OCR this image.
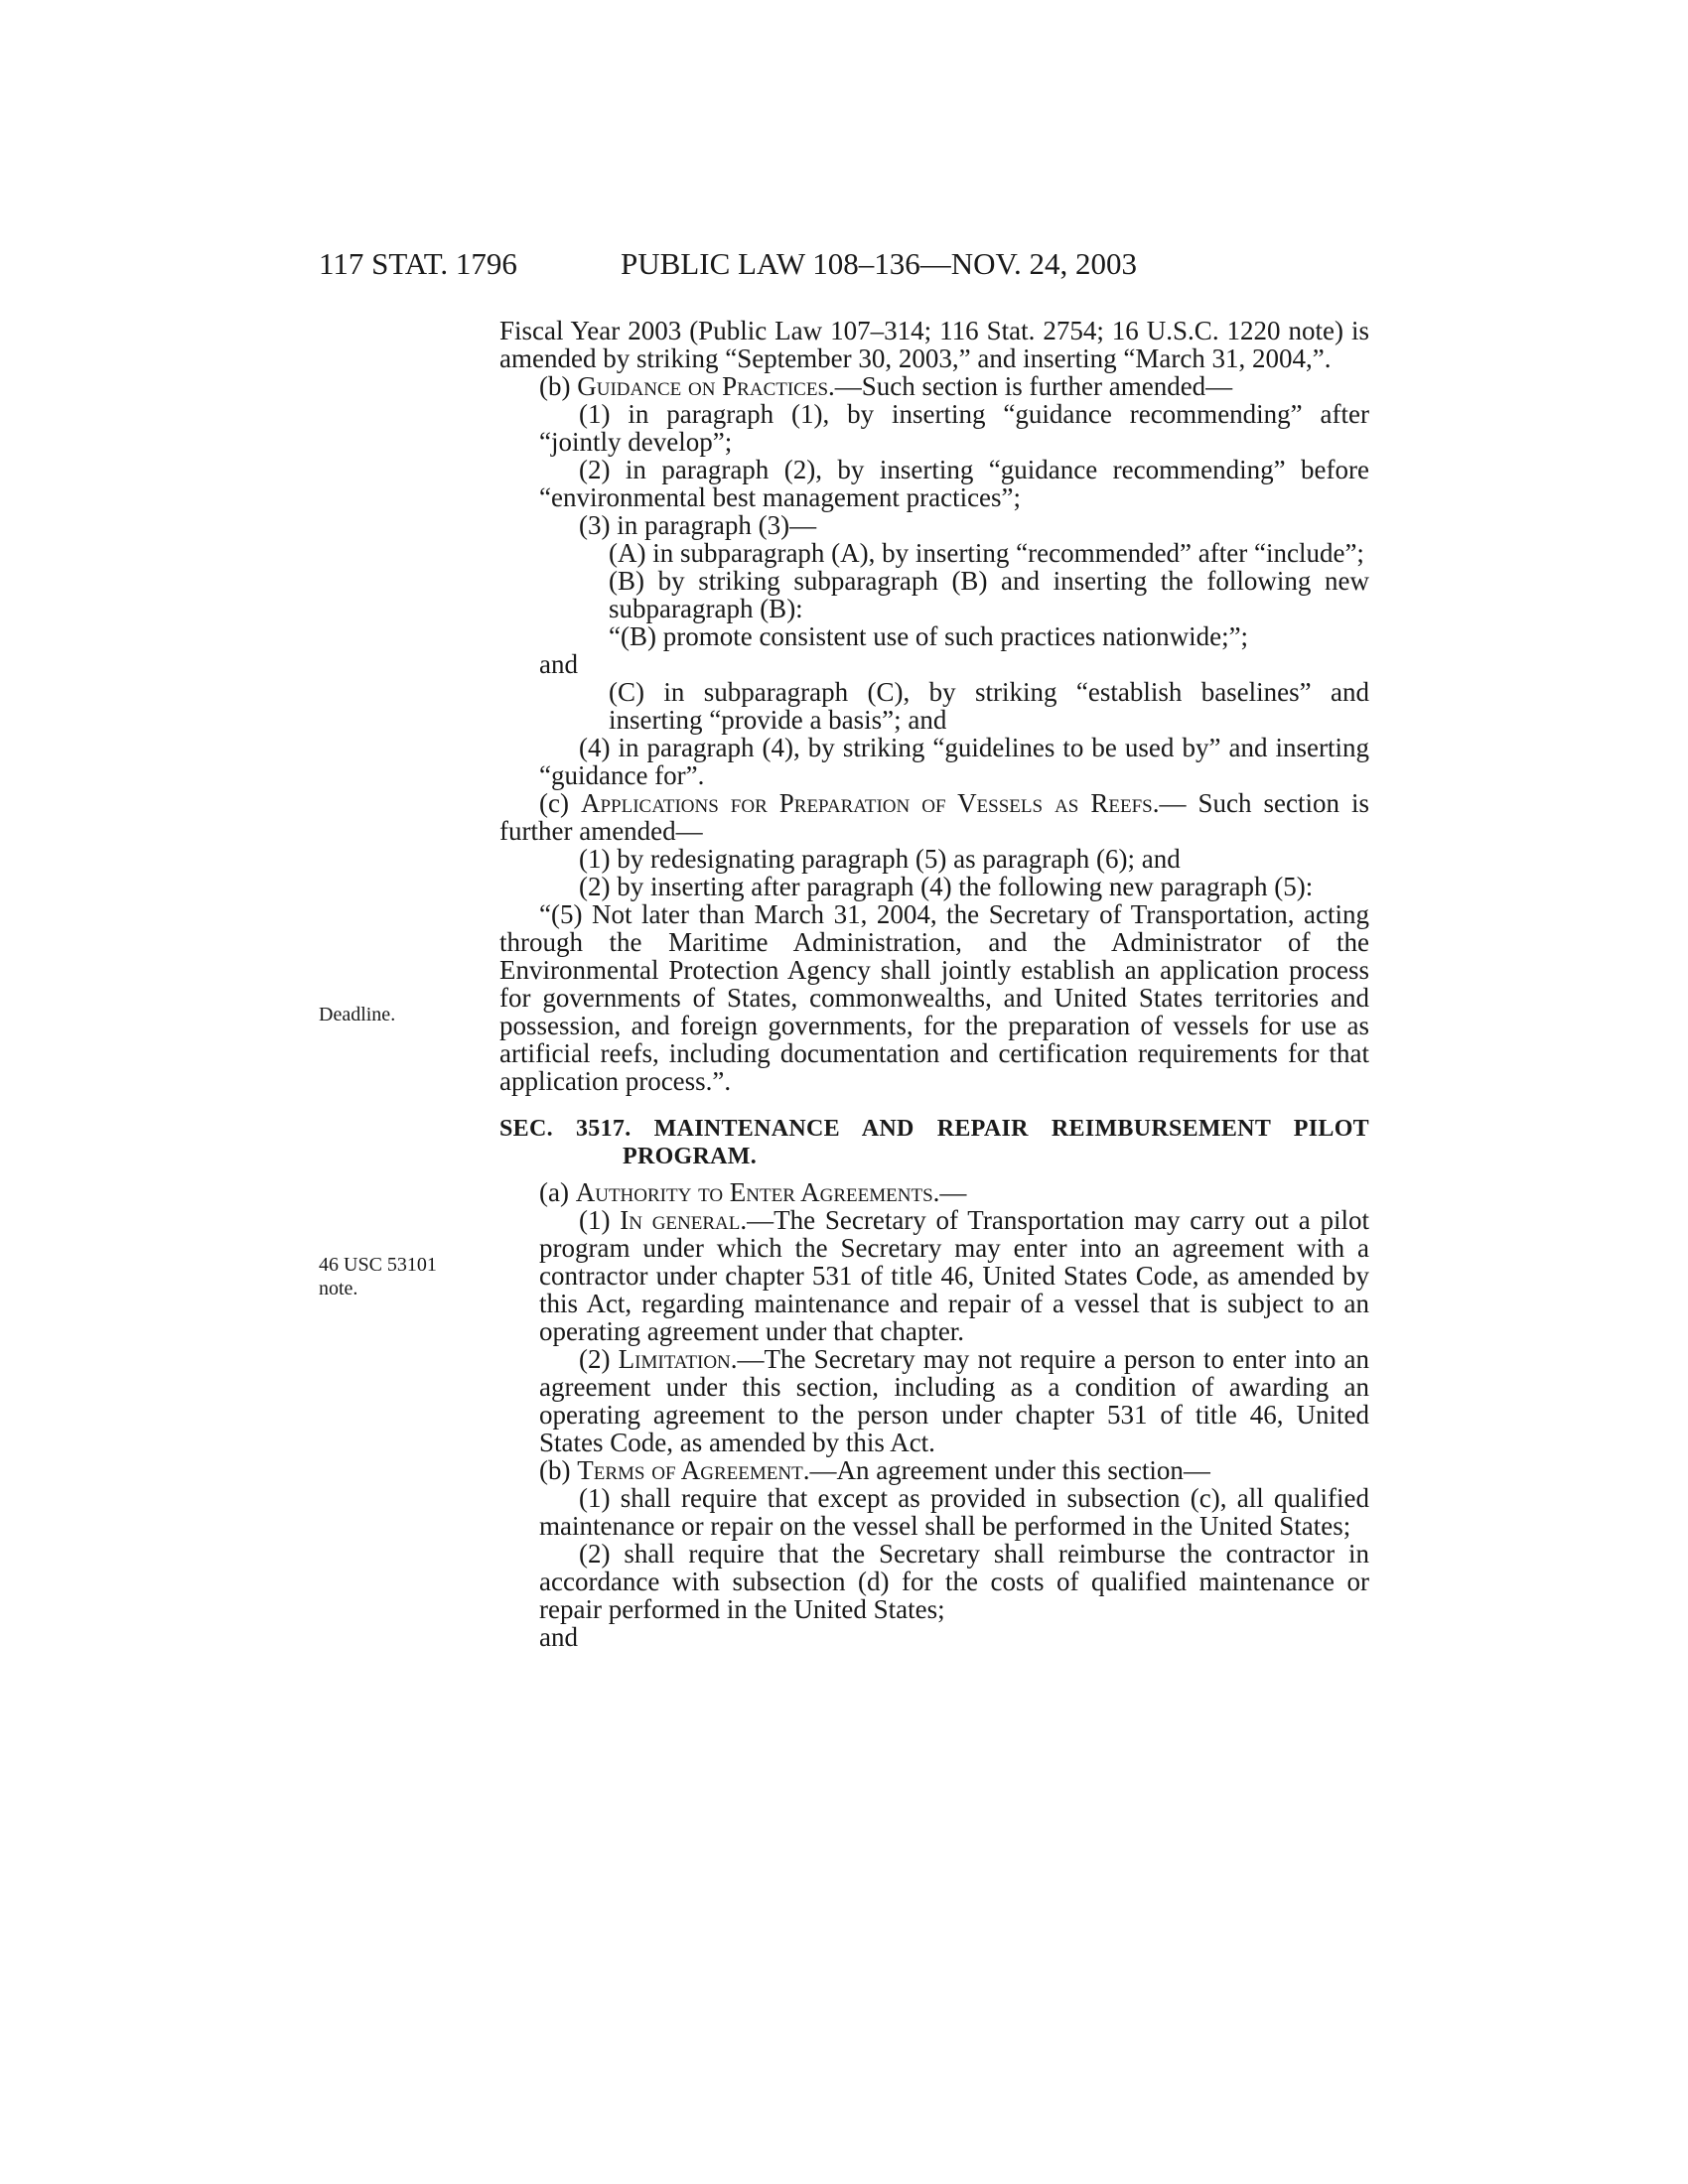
117 STAT. 1796	PUBLIC LAW 108–136—NOV. 24, 2003
Deadline.
46 USC 53101
note.

Fiscal Year 2003 (Public Law 107–314; 116 Stat. 2754; 16 U.S.C. 1220 note) is amended by striking “September 30, 2003,” and inserting “March 31, 2004,”.

(b) Guidance on Practices.—Such section is further amended—

(1) in paragraph (1), by inserting “guidance recommending” after “jointly develop”;

(2) in paragraph (2), by inserting “guidance recommending” before “environmental best management practices”;

(3) in paragraph (3)—

(A) in subparagraph (A), by inserting “recommended” after “include”;

(B) by striking subparagraph (B) and inserting the following new subparagraph (B):

“(B) promote consistent use of such practices nationwide;”;

and

(C) in subparagraph (C), by striking “establish baselines” and inserting “provide a basis”; and

(4) in paragraph (4), by striking “guidelines to be used by” and inserting “guidance for”.

(c) Applications for Preparation of Vessels as Reefs.— Such section is further amended—

(1) by redesignating paragraph (5) as paragraph (6); and

(2) by inserting after paragraph (4) the following new paragraph (5):

“(5) Not later than March 31, 2004, the Secretary of Transportation, acting through the Maritime Administration, and the Administrator of the Environmental Protection Agency shall jointly establish an application process for governments of States, commonwealths, and United States territories and possession, and foreign governments, for the preparation of vessels for use as artificial reefs, including documentation and certification requirements for that application process.”.

SEC. 3517. MAINTENANCE AND REPAIR REIMBURSEMENT PILOT PROGRAM.

(a) Authority to Enter Agreements.—

(1) In general.—The Secretary of Transportation may carry out a pilot program under which the Secretary may enter into an agreement with a contractor under chapter 531 of title 46, United States Code, as amended by this Act, regarding maintenance and repair of a vessel that is subject to an operating agreement under that chapter.

(2) Limitation.—The Secretary may not require a person to enter into an agreement under this section, including as a condition of awarding an operating agreement to the person under chapter 531 of title 46, United States Code, as amended by this Act.

(b) Terms of Agreement.—An agreement under this section—

(1) shall require that except as provided in subsection (c), all qualified maintenance or repair on the vessel shall be performed in the United States;

(2) shall require that the Secretary shall reimburse the contractor in accordance with subsection (d) for the costs of qualified maintenance or repair performed in the United States;

and
